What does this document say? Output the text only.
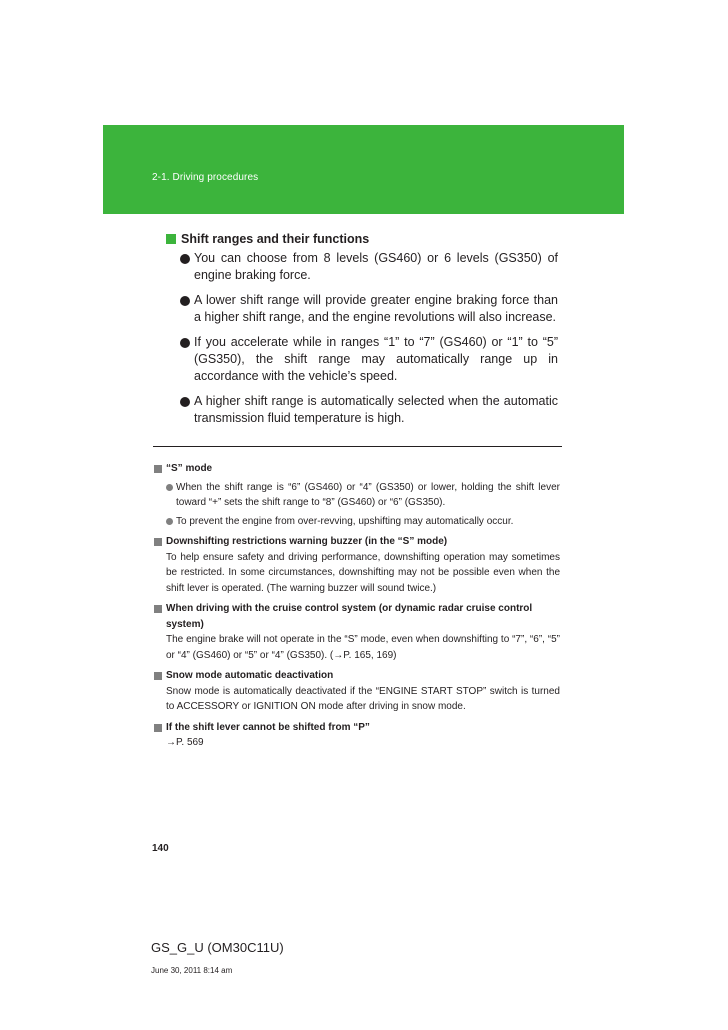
2-1. Driving procedures
Shift ranges and their functions
You can choose from 8 levels (GS460) or 6 levels (GS350) of engine braking force.
A lower shift range will provide greater engine braking force than a higher shift range, and the engine revolutions will also increase.
If you accelerate while in ranges “1” to “7” (GS460) or “1” to “5” (GS350), the shift range may automatically range up in accordance with the vehicle’s speed.
A higher shift range is automatically selected when the automatic transmission fluid temperature is high.
“S” mode
When the shift range is “6” (GS460) or “4” (GS350) or lower, holding the shift lever toward “+” sets the shift range to “8” (GS460) or “6” (GS350).
To prevent the engine from over-revving, upshifting may automatically occur.
Downshifting restrictions warning buzzer (in the “S” mode)
To help ensure safety and driving performance, downshifting operation may sometimes be restricted. In some circumstances, downshifting may not be possible even when the shift lever is operated. (The warning buzzer will sound twice.)
When driving with the cruise control system (or dynamic radar cruise control system)
The engine brake will not operate in the “S” mode, even when downshifting to “7”, “6”, “5” or “4” (GS460) or “5” or “4” (GS350). (→P. 165, 169)
Snow mode automatic deactivation
Snow mode is automatically deactivated if the “ENGINE START STOP” switch is turned to ACCESSORY or IGNITION ON mode after driving in snow mode.
If the shift lever cannot be shifted from “P”
→P. 569
140
GS_G_U (OM30C11U)
June 30, 2011 8:14 am
